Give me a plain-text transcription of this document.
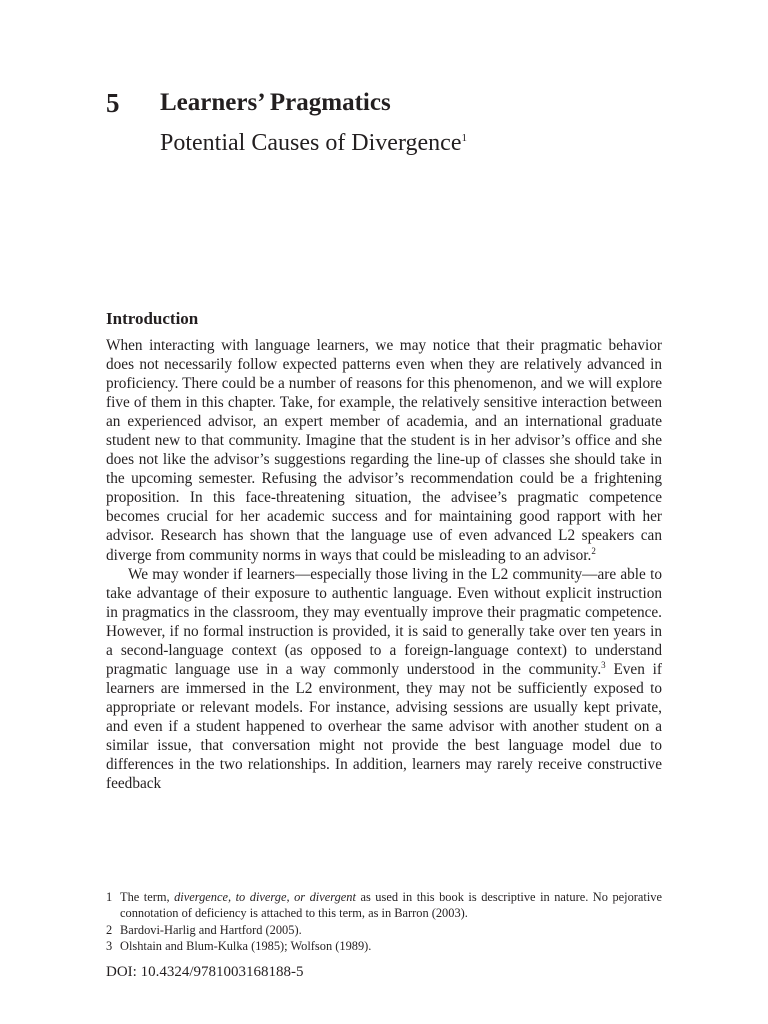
5 Learners’ Pragmatics
Potential Causes of Divergence$^1$
Introduction

When interacting with language learners, we may notice that their pragmatic behavior does not necessarily follow expected patterns even when they are relatively advanced in proficiency. There could be a number of reasons for this phenomenon, and we will explore five of them in this chapter. Take, for example, the relatively sensitive interaction between an experienced advisor, an expert member of academia, and an international graduate student new to that community. Imagine that the student is in her advisor’s office and she does not like the advisor’s suggestions regarding the line-up of classes she should take in the upcoming semester. Refusing the advisor’s recommendation could be a frightening proposition. In this face-threatening situation, the advisee’s pragmatic competence becomes crucial for her academic success and for maintaining good rapport with her advisor. Research has shown that the language use of even advanced L2 speakers can diverge from community norms in ways that could be misleading to an advisor.$^2$

We may wonder if learners—especially those living in the L2 community—are able to take advantage of their exposure to authentic language. Even without explicit instruction in pragmatics in the classroom, they may eventually improve their pragmatic competence. However, if no formal instruction is provided, it is said to generally take over ten years in a second-language context (as opposed to a foreign-language context) to understand pragmatic language use in a way commonly understood in the community.$^3$ Even if learners are immersed in the L2 environment, they may not be sufficiently exposed to appropriate or relevant models. For instance, advising sessions are usually kept private, and even if a student happened to overhear the same advisor with another student on a similar issue, that conversation might not provide the best language model due to differences in the two relationships. In addition, learners may rarely receive constructive feedback

1 The term, divergence, to diverge, or divergent as used in this book is descriptive in nature. No pejorative connotation of deficiency is attached to this term, as in Barron (2003).
2 Bardovi-Harlig and Hartford (2005).
3 Olshtain and Blum-Kulka (1985); Wolfson (1989).
DOI: 10.4324/9781003168188-5
